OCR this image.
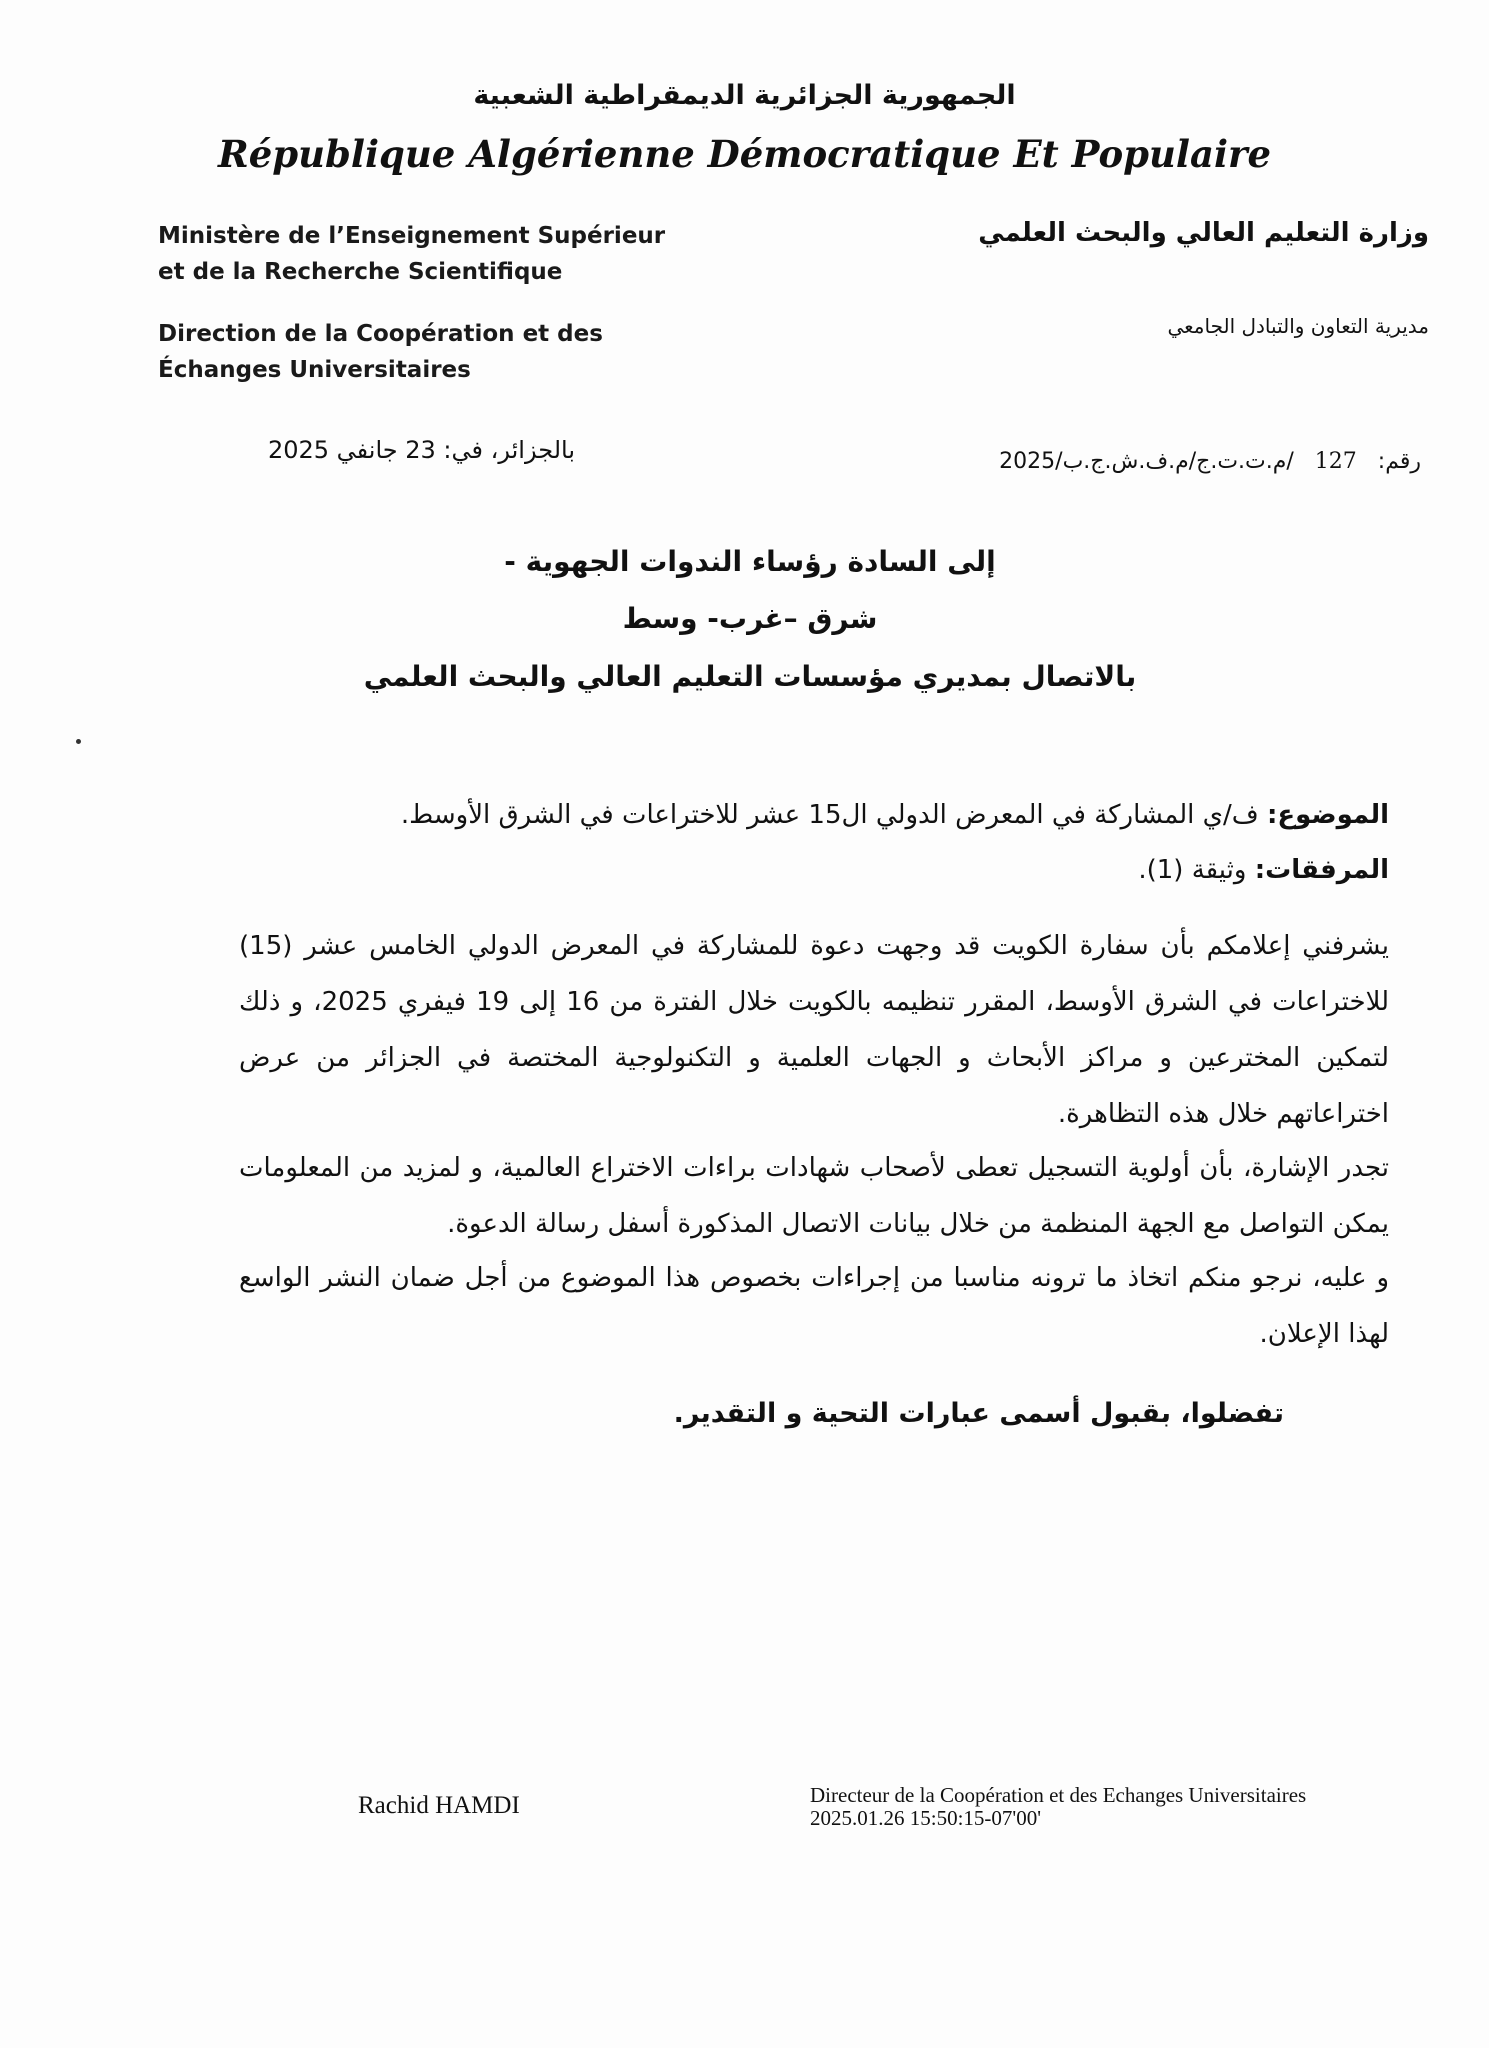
الجمهورية الجزائرية الديمقراطية الشعبية
République Algérienne Démocratique Et Populaire
Ministère de l’Enseignement Supérieur
et de la Recherche Scientifique
Direction de la Coopération et des
Échanges Universitaires
وزارة التعليم العالي والبحث العلمي
مديرية التعاون والتبادل الجامعي
بالجزائر، في: 23 جانفي 2025	رقم: 127 /م.ت.ت.ج/م.ف.ش.ج.ب/2025
إلى السادة رؤساء الندوات الجهوية -
شرق –غرب- وسط
بالاتصال بمديري مؤسسات التعليم العالي والبحث العلمي
الموضوع: ف/ي المشاركة في المعرض الدولي ال15 عشر للاختراعات في الشرق الأوسط.
المرفقات: وثيقة (1).
يشرفني إعلامكم بأن سفارة الكويت قد وجهت دعوة للمشاركة في المعرض الدولي الخامس عشر (15) للاختراعات في الشرق الأوسط، المقرر تنظيمه بالكويت خلال الفترة من 16 إلى 19 فيفري 2025، و ذلك لتمكين المخترعين و مراكز الأبحاث و الجهات العلمية و التكنولوجية المختصة في الجزائر من عرض اختراعاتهم خلال هذه التظاهرة.
تجدر الإشارة، بأن أولوية التسجيل تعطى لأصحاب شهادات براءات الاختراع العالمية، و لمزيد من المعلومات يمكن التواصل مع الجهة المنظمة من خلال بيانات الاتصال المذكورة أسفل رسالة الدعوة.
و عليه، نرجو منكم اتخاذ ما ترونه مناسبا من إجراءات بخصوص هذا الموضوع من أجل ضمان النشر الواسع لهذا الإعلان.
تفضلوا، بقبول أسمى عبارات التحية و التقدير.
Rachid HAMDI	Directeur de la Coopération et des Echanges Universitaires
2025.01.26 15:50:15-07'00'
